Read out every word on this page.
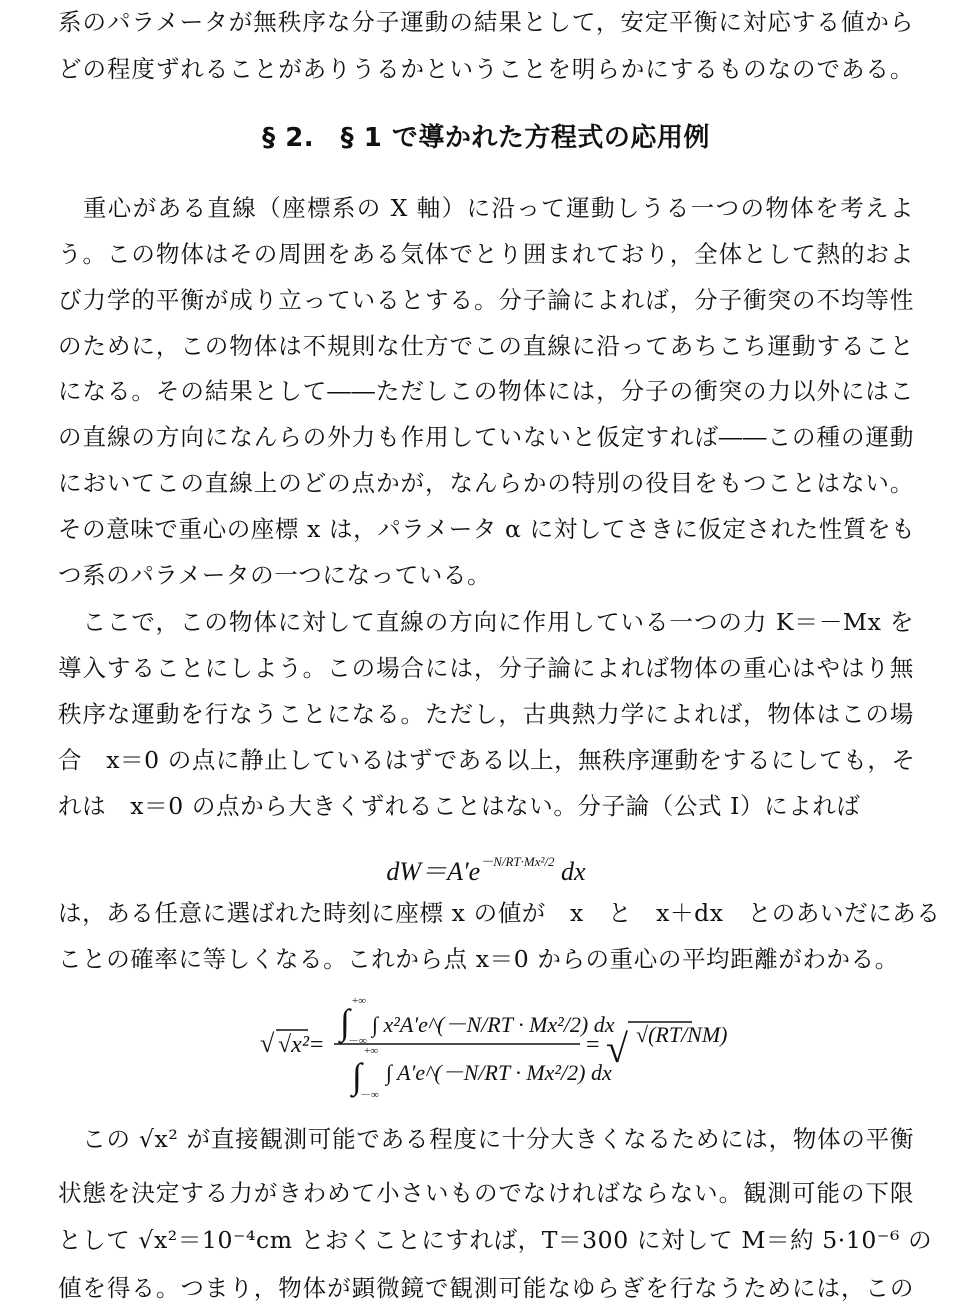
系のパラメータが無秩序な分子運動の結果として，安定平衡に対応する値から
どの程度ずれることがありうるかということを明らかにするものなのである。
§ 2.　§ 1 で導かれた方程式の応用例
　重心がある直線（座標系の X 軸）に沿って運動しうる一つの物体を考えよ
う。この物体はその周囲をある気体でとり囲まれており，全体として熱的およ
び力学的平衡が成り立っているとする。分子論によれば，分子衝突の不均等性
のために，この物体は不規則な仕方でこの直線に沿ってあちこち運動すること
になる。その結果として――ただしこの物体には，分子の衝突の力以外にはこ
の直線の方向になんらの外力も作用していないと仮定すれば――この種の運動
においてこの直線上のどの点かが，なんらかの特別の役目をもつことはない。
その意味で重心の座標 x は，パラメータ α に対してさきに仮定された性質をも
つ系のパラメータの一つになっている。
　ここで，この物体に対して直線の方向に作用している一つの力 K＝－Mx を
導入することにしよう。この場合には，分子論によれば物体の重心はやはり無
秩序な運動を行なうことになる。ただし，古典熱力学によれば，物体はこの場
合　x＝0 の点に静止しているはずである以上，無秩序運動をするにしても，そ
れは　x＝0 の点から大きくずれることはない。分子論（公式 I）によれば
$dW=A'e^{-N/RT\cdot Mx^2/2}$ dx
は，ある任意に選ばれた時刻に座標 x の値が　x　と　x＋dx　とのあいだにある
ことの確率に等しくなる。これから点 x＝0 からの重心の平均距離がわかる。
√ √x² =
∫
+∞
－∞
∫ x²A′e^(－N/RT · Mx²/2) dx
∫
+∞
－∞
∫ A′e^(－N/RT · Mx²/2) dx
= √ √(RT/NM)
　この √x² が直接観測可能である程度に十分大きくなるためには，物体の平衡
状態を決定する力がきわめて小さいものでなければならない。観測可能の下限
として √x²＝10⁻⁴cm とおくことにすれば，T＝300 に対して M＝約 5·10⁻⁶ の
値を得る。つまり，物体が顕微鏡で観測可能なゆらぎを行なうためには，この
